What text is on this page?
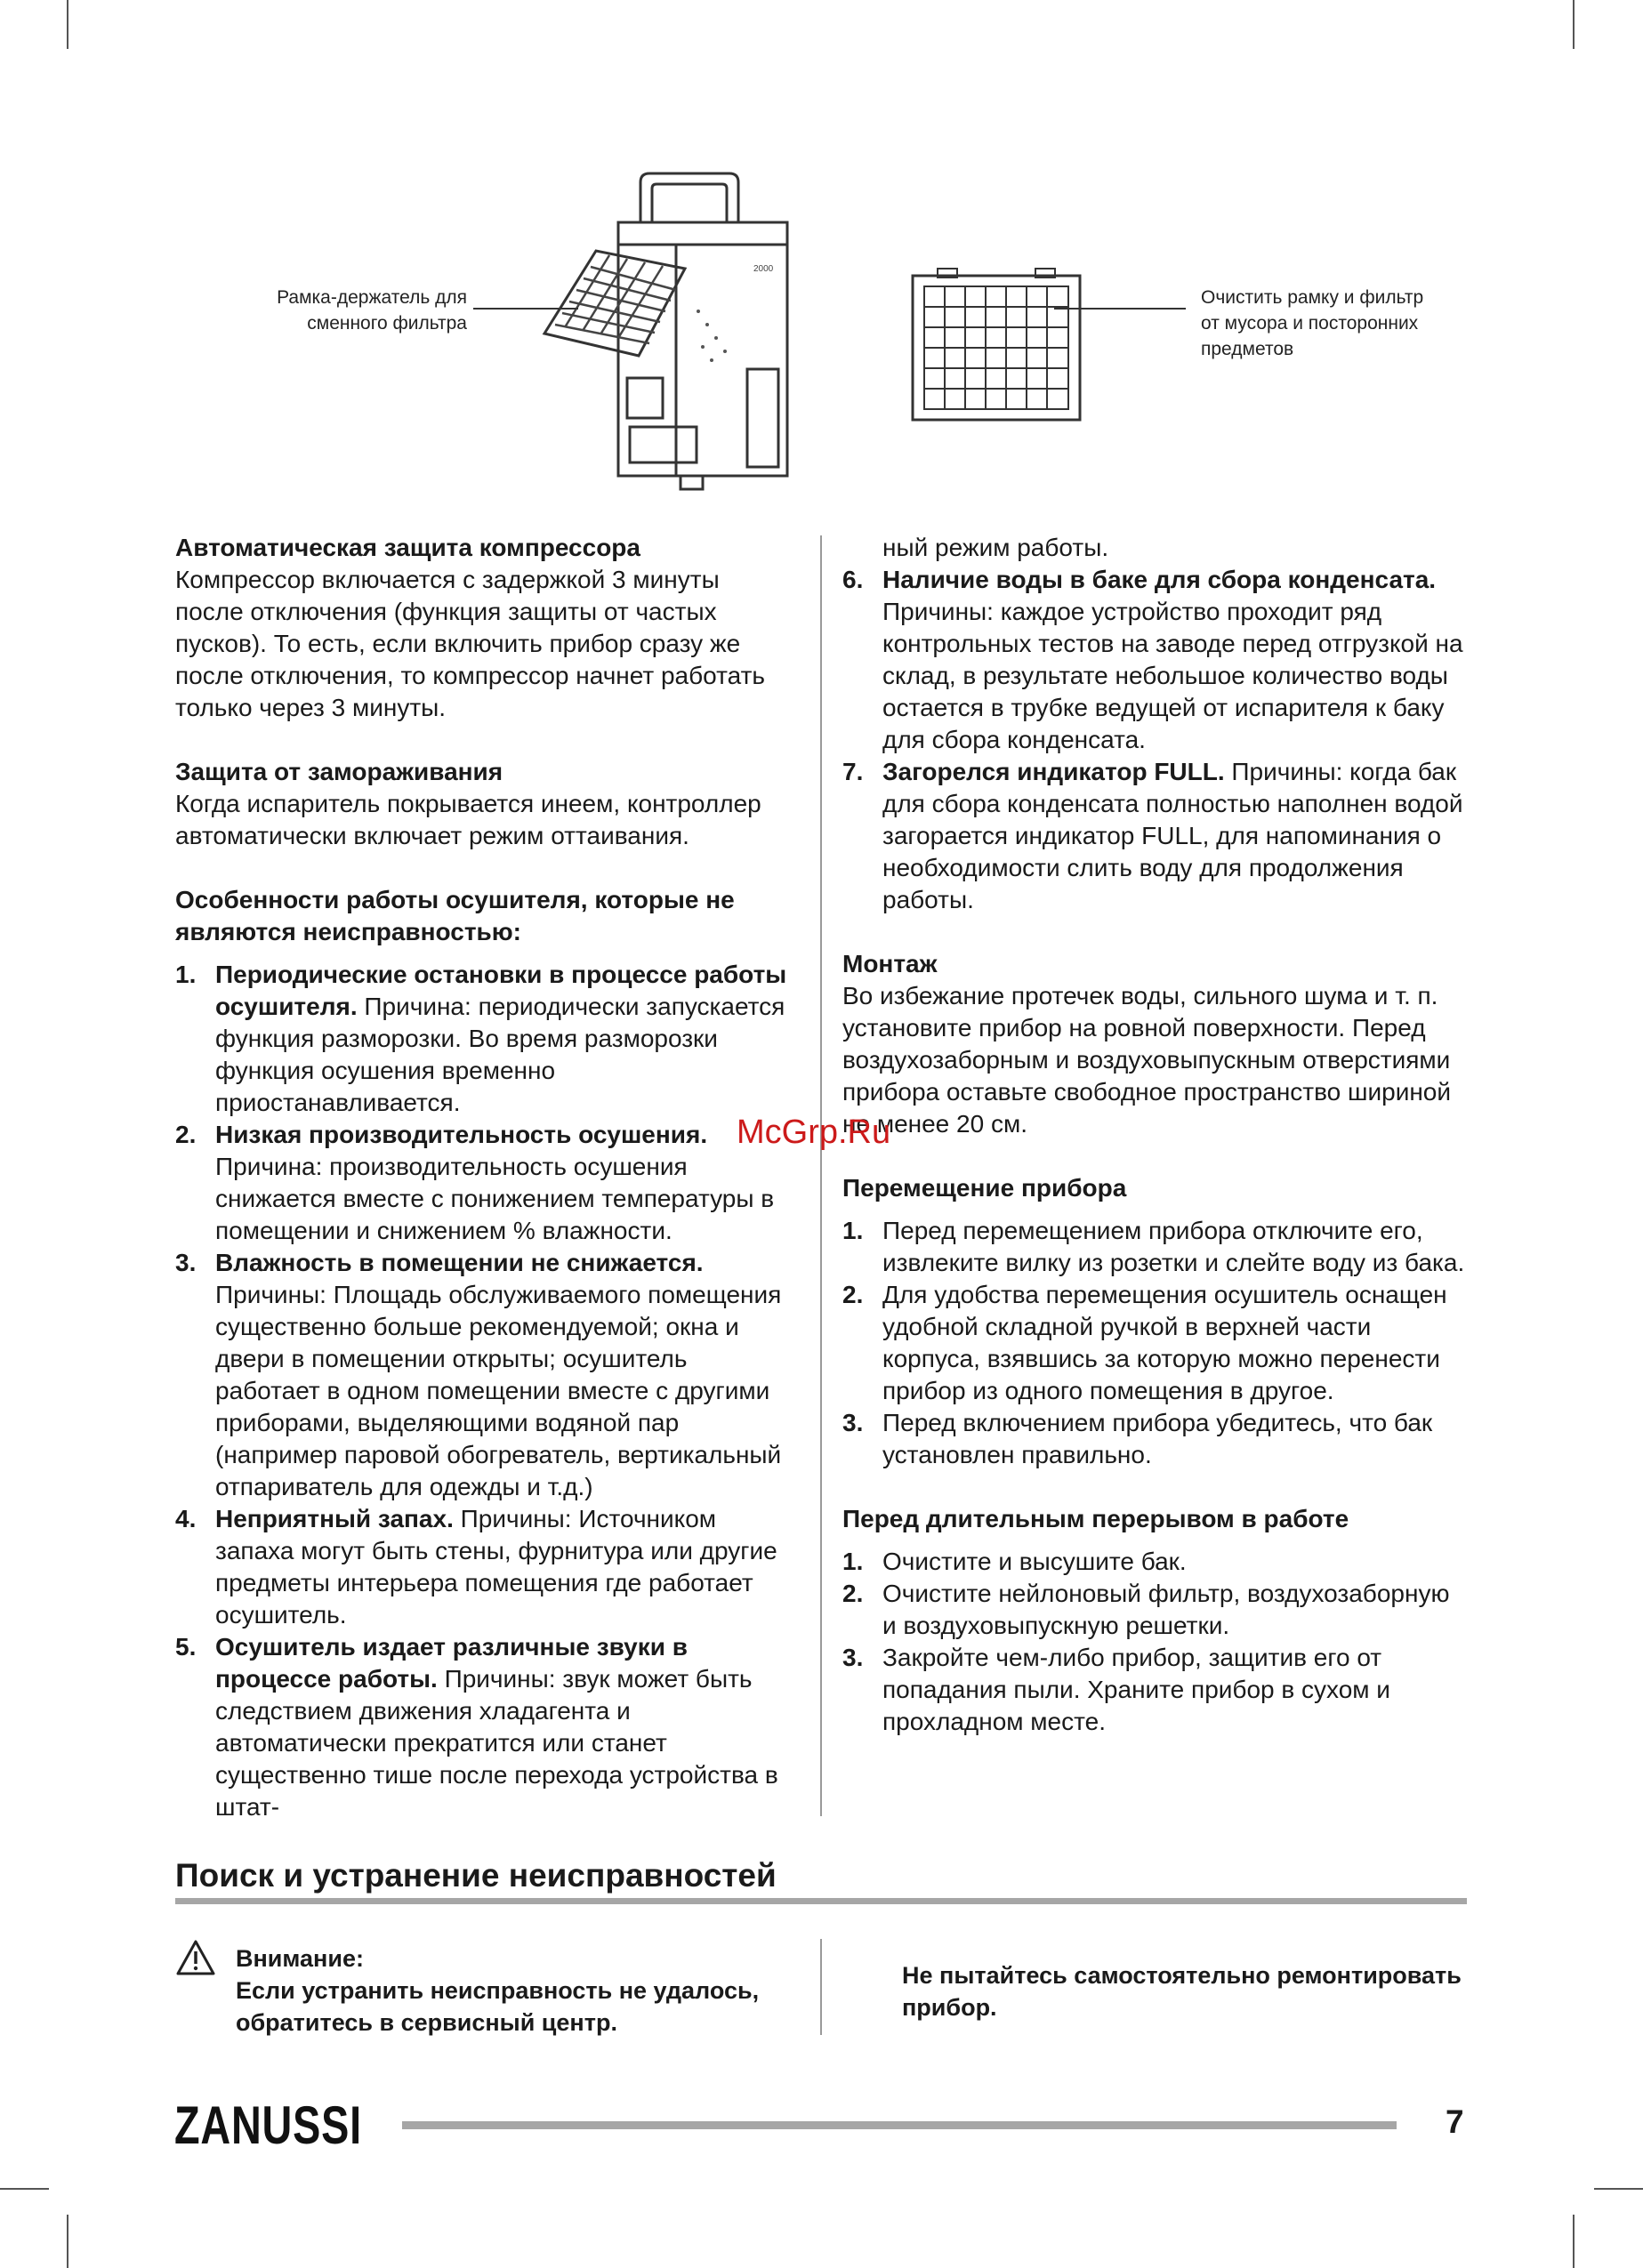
2000
Рамка-держатель для
сменного фильтра
Очистить рамку и фильтр
от мусора и посторонних
предметов

Автоматическая защита компрессора

Компрессор включается с задержкой 3 минуты после отключения (функция защиты от частых пусков). То есть, если включить прибор сразу же после отключения, то компрессор начнет работать только через 3 минуты.

Защита от замораживания

Когда испаритель покрывается инеем, контроллер автоматически включает режим оттаивания.

Особенности работы осушителя, которые не являются неисправностью:

1. Периодические остановки в процессе работы осушителя. Причина: периодически запускается функция разморозки. Во время разморозки функция осушения временно приостанавливается.
2. Низкая производительность осушения. Причина: производительность осушения снижается вместе с понижением температуры в помещении и снижением % влажности.
3. Влажность в помещении не снижается. Причины: Площадь обслуживаемого помещения существенно больше рекомендуемой; окна и двери в помещении открыты; осушитель работает в одном помещении вместе с другими приборами, выделяющими водяной пар (например паровой обогреватель, вертикальный отпариватель для одежды и т.д.)
4. Неприятный запах. Причины: Источником запаха могут быть стены, фурнитура или другие предметы интерьера помещения где работает осушитель.
5. Осушитель издает различные звуки в процессе работы. Причины: звук может быть следствием движения хладагента и автоматически прекратится или станет существенно тише после перехода устройства в штат-

ный режим работы.

6. Наличие воды в баке для сбора конденсата. Причины: каждое устройство проходит ряд контрольных тестов на заводе перед отгрузкой на склад, в результате небольшое количество воды остается в трубке ведущей от испарителя к баку для сбора конденсата.
7. Загорелся индикатор FULL. Причины: когда бак для сбора конденсата полностью наполнен водой загорается индикатор FULL, для напоминания о необходимости слить воду для продолжения работы.

Монтаж

Во избежание протечек воды, сильного шума и т. п. установите прибор на ровной поверхности. Перед воздухозаборным и воздуховыпускным отверстиями прибора оставьте свободное пространство шириной не менее 20 см.

Перемещение прибора

1. Перед перемещением прибора отключите его, извлеките вилку из розетки и слейте воду из бака.
2. Для удобства перемещения осушитель оснащен удобной складной ручкой в верхней части корпуса, взявшись за которую можно перенести прибор из одного помещения в другое.
3. Перед включением прибора убедитесь, что бак установлен правильно.

Перед длительным перерывом в работе

1. Очистите и высушите бак.
2. Очистите нейлоновый фильтр, воздухозаборную и воздуховыпускную решетки.
3. Закройте чем-либо прибор, защитив его от попадания пыли. Храните прибор в сухом и прохладном месте.
McGrp.Ru
Поиск и устранение неисправностей
Внимание:
Если устранить неисправность не удалось, обратитесь в сервисный центр.
Не пытайтесь самостоятельно ремонтировать прибор.
ZANUSSI	7
